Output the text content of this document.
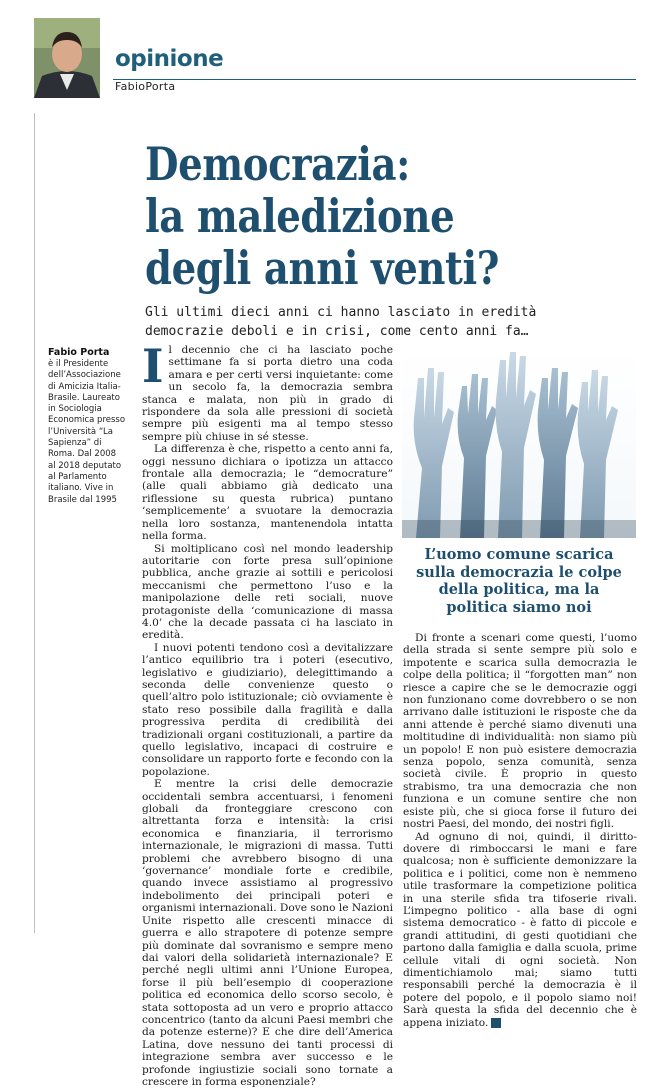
opinione
FabioPorta
Democrazia:
la maledizione
degli anni venti?
Gli ultimi dieci anni ci hanno lasciato in eredità
democrazie deboli e in crisi, come cento anni fa…
Fabio Porta
è il Presidente
dell’Associazione
di Amicizia Italia-
Brasile. Laureato
in Sociologia
Economica presso
l’Università “La
Sapienza” di
Roma. Dal 2008
al 2018 deputato
al Parlamento
italiano. Vive in
Brasile dal 1995

Il decennio che ci ha lasciato poche settimane fa si porta dietro una coda amara e per certi versi inquietante: come un secolo fa, la democrazia sembra stanca e malata, non più in grado di rispondere da sola alle pressioni di società sempre più esigenti ma al tempo stesso sempre più chiuse in sé stesse.

La differenza è che, rispetto a cento anni fa, oggi nessuno dichiara o ipotizza un attacco frontale alla democrazia; le “democrature” (alle quali abbiamo già dedicato una riflessione su questa rubrica) puntano ‘semplicemente’ a svuotare la democrazia nella loro sostanza, mantenendola intatta nella forma.

Si moltiplicano così nel mondo leadership autoritarie con forte presa sull’opinione pubblica, anche grazie ai sottili e pericolosi meccanismi che permettono l’uso e la manipolazione delle reti sociali, nuove protagoniste della ‘comunicazione di massa 4.0’ che la decade passata ci ha lasciato in eredità.

I nuovi potenti tendono così a devitalizzare l’antico equilibrio tra i poteri (esecutivo, legislativo e giudiziario), delegittimando a seconda delle convenienze questo o quell’altro polo istituzionale; ciò ovviamente è stato reso possibile dalla fragilità e dalla progressiva perdita di credibilità dei tradizionali organi costituzionali, a partire da quello legislativo, incapaci di costruire e consolidare un rapporto forte e fecondo con la popolazione.

E mentre la crisi delle democrazie occidentali sembra accentuarsi, i fenomeni globali da fronteggiare crescono con altrettanta forza e intensità: la crisi economica e finanziaria, il terrorismo internazionale, le migrazioni di massa. Tutti problemi che avrebbero bisogno di una ‘governance’ mondiale forte e credibile, quando invece assistiamo al progressivo indebolimento dei principali poteri e organismi internazionali. Dove sono le Nazioni Unite rispetto alle crescenti minacce di guerra e allo strapotere di potenze sempre più dominate dal sovranismo e sempre meno dai valori della solidarietà internazionale? E perché negli ultimi anni l’Unione Europea, forse il più bell’esempio di cooperazione politica ed economica dello scorso secolo, è stata sottoposta ad un vero e proprio attacco concentrico (tanto da alcuni Paesi membri che da potenze esterne)? E che dire dell’America Latina, dove nessuno dei tanti processi di integrazione sembra aver successo e le profonde ingiustizie sociali sono tornate a crescere in forma esponenziale?

L’uomo comune scarica
sulla democrazia le colpe
della politica, ma la
politica siamo noi

Di fronte a scenari come questi, l’uomo della strada si sente sempre più solo e impotente e scarica sulla democrazia le colpe della politica; il “forgotten man” non riesce a capire che se le democrazie oggi non funzionano come dovrebbero o se non arrivano dalle istituzioni le risposte che da anni attende è perché siamo divenuti una moltitudine di individualità: non siamo più un popolo! E non può esistere democrazia senza popolo, senza comunità, senza società civile. È proprio in questo strabismo, tra una democrazia che non funziona e un comune sentire che non esiste più, che si gioca forse il futuro dei nostri Paesi, del mondo, dei nostri figli.

Ad ognuno di noi, quindi, il diritto-dovere di rimboccarsi le mani e fare qualcosa; non è sufficiente demonizzare la politica e i politici, come non è nemmeno utile trasformare la competizione politica in una sterile sfida tra tifoserie rivali. L’impegno politico - alla base di ogni sistema democratico - è fatto di piccole e grandi attitudini, di gesti quotidiani che partono dalla famiglia e dalla scuola, prime cellule vitali di ogni società. Non dimentichiamolo mai; siamo tutti responsabili perché la democrazia è il potere del popolo, e il popolo siamo noi! Sarà questa la sfida del decennio che è appena iniziato.
